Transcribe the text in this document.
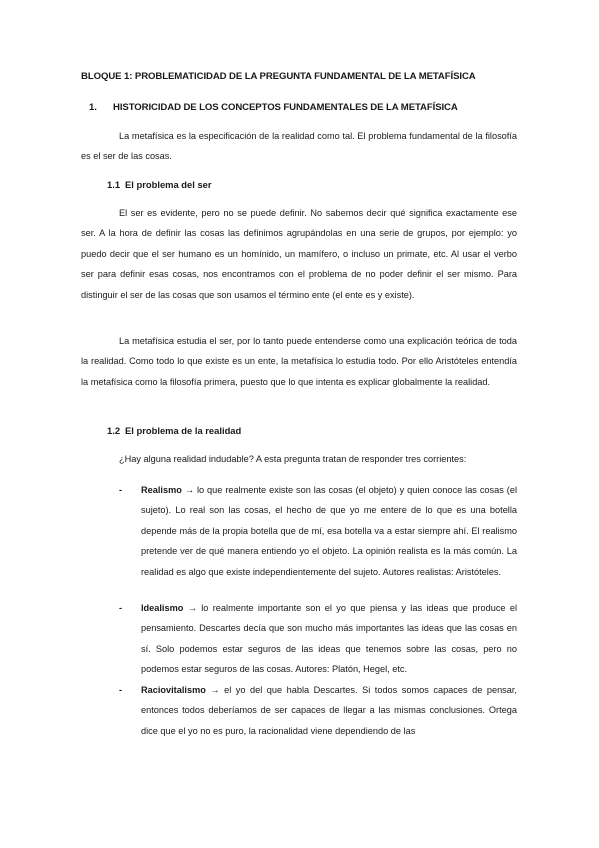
BLOQUE 1: PROBLEMATICIDAD DE LA PREGUNTA FUNDAMENTAL DE LA METAFÍSICA
1. HISTORICIDAD DE LOS CONCEPTOS FUNDAMENTALES DE LA METAFÍSICA
La metafísica es la especificación de la realidad como tal. El problema fundamental de la filosofía es el ser de las cosas.
1.1 El problema del ser
El ser es evidente, pero no se puede definir. No sabemos decir qué significa exactamente ese ser. A la hora de definir las cosas las definimos agrupándolas en una serie de grupos, por ejemplo: yo puedo decir que el ser humano es un homínido, un mamífero, o incluso un primate, etc. Al usar el verbo ser para definir esas cosas, nos encontramos con el problema de no poder definir el ser mismo. Para distinguir el ser de las cosas que son usamos el término ente (el ente es y existe).
La metafísica estudia el ser, por lo tanto puede entenderse como una explicación teórica de toda la realidad. Como todo lo que existe es un ente, la metafísica lo estudia todo. Por ello Aristóteles entendía la metafísica como la filosofía primera, puesto que lo que intenta es explicar globalmente la realidad.
1.2 El problema de la realidad
¿Hay alguna realidad indudable? A esta pregunta tratan de responder tres corrientes:
- Realismo → lo que realmente existe son las cosas (el objeto) y quien conoce las cosas (el sujeto). Lo real son las cosas, el hecho de que yo me entere de lo que es una botella depende más de la propia botella que de mí, esa botella va a estar siempre ahí. El realismo pretende ver de qué manera entiendo yo el objeto. La opinión realista es la más común. La realidad es algo que existe independientemente del sujeto. Autores realistas: Aristóteles.
- Idealismo → lo realmente importante son el yo que piensa y las ideas que produce el pensamiento. Descartes decía que son mucho más importantes las ideas que las cosas en sí. Solo podemos estar seguros de las ideas que tenemos sobre las cosas, pero no podemos estar seguros de las cosas. Autores: Platón, Hegel, etc.
- Raciovitalismo → el yo del que habla Descartes. Si todos somos capaces de pensar, entonces todos deberíamos de ser capaces de llegar a las mismas conclusiones. Ortega dice que el yo no es puro, la racionalidad viene dependiendo de las
